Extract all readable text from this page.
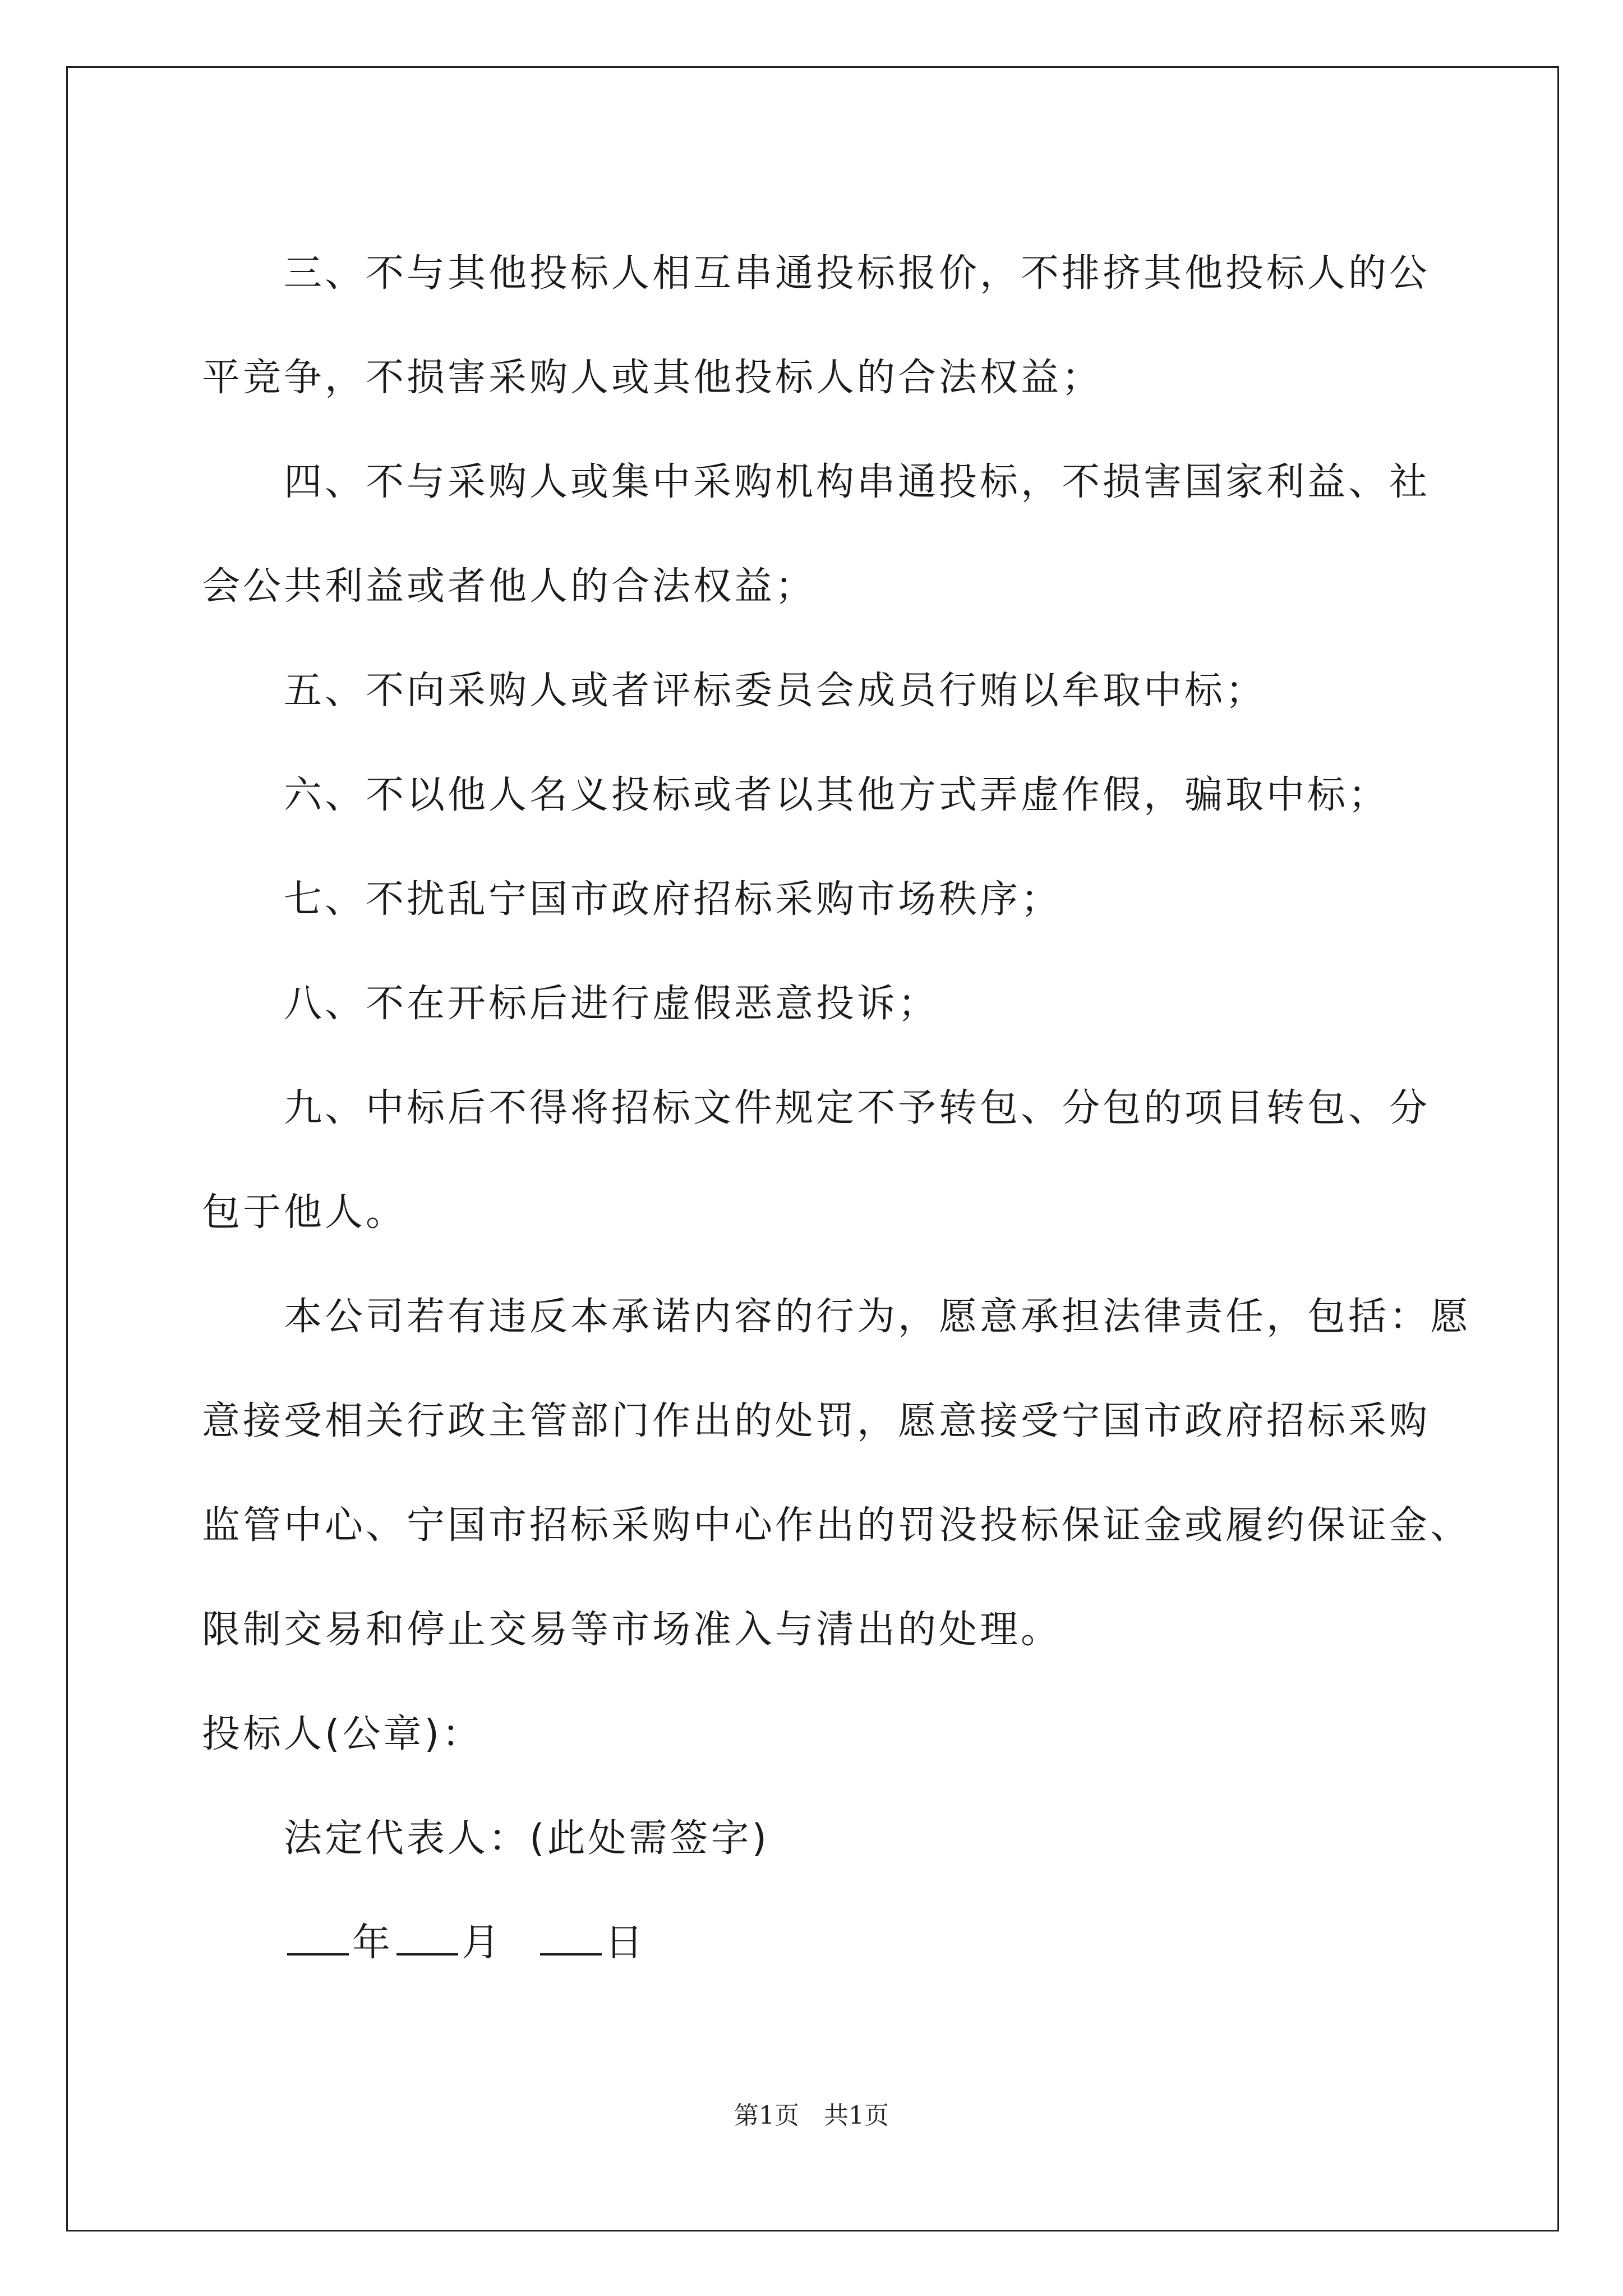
三、不与其他投标人相互串通投标报价，不排挤其他投标人的公

平竞争，不损害采购人或其他投标人的合法权益；

四、不与采购人或集中采购机构串通投标，不损害国家利益、社

会公共利益或者他人的合法权益；

五、不向采购人或者评标委员会成员行贿以牟取中标；

六、不以他人名义投标或者以其他方式弄虚作假，骗取中标；

七、不扰乱宁国市政府招标采购市场秩序；

八、不在开标后进行虚假恶意投诉；

九、中标后不得将招标文件规定不予转包、分包的项目转包、分

包于他人。

本公司若有违反本承诺内容的行为，愿意承担法律责任，包括：愿

意接受相关行政主管部门作出的处罚，愿意接受宁国市政府招标采购

监管中心、宁国市招标采购中心作出的罚没投标保证金或履约保证金、

限制交易和停止交易等市场准入与清出的处理。

投标人(公章)：

法定代表人：(此处需签字)

年 月	日

第1页　共1页
